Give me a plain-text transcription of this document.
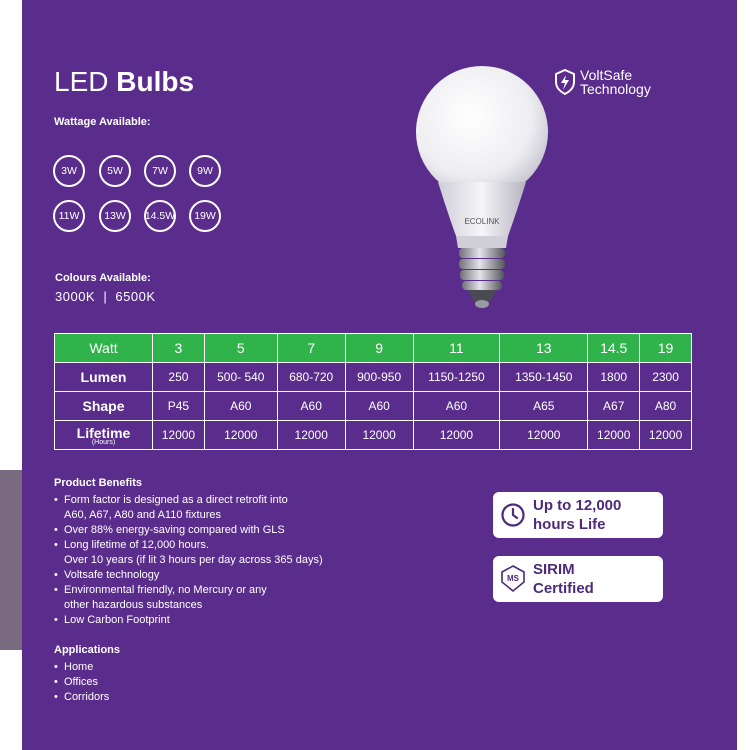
LED Bulbs
Wattage Available:
3W	5W	7W	9W
11W	13W	14.5W	19W
Colours Available:
3000K  |  6500K
VoltSafe
Technology
ECOLINK
Watt	3	5	7	9	11	13	14.5	19
Lumen	250	500- 540	680-720	900-950	1150-1250	1350-1450	1800	2300
Shape	P45	A60	A60	A60	A60	A65	A67	A80
Lifetime
(Hours)	12000	12000	12000	12000	12000	12000	12000	12000
Product Benefits
• Form factor is designed as a direct retrofit into
A60, A67, A80 and A110 fixtures
• Over 88% energy-saving compared with GLS
• Long lifetime of 12,000 hours.
Over 10 years (if lit 3 hours per day across 365 days)
• Voltsafe technology
• Environmental friendly, no Mercury or any
other hazardous substances
• Low Carbon Footprint
Applications
• Home
• Offices
• Corridors
Up to 12,000
hours Life
MS
SIRIM
Certified
